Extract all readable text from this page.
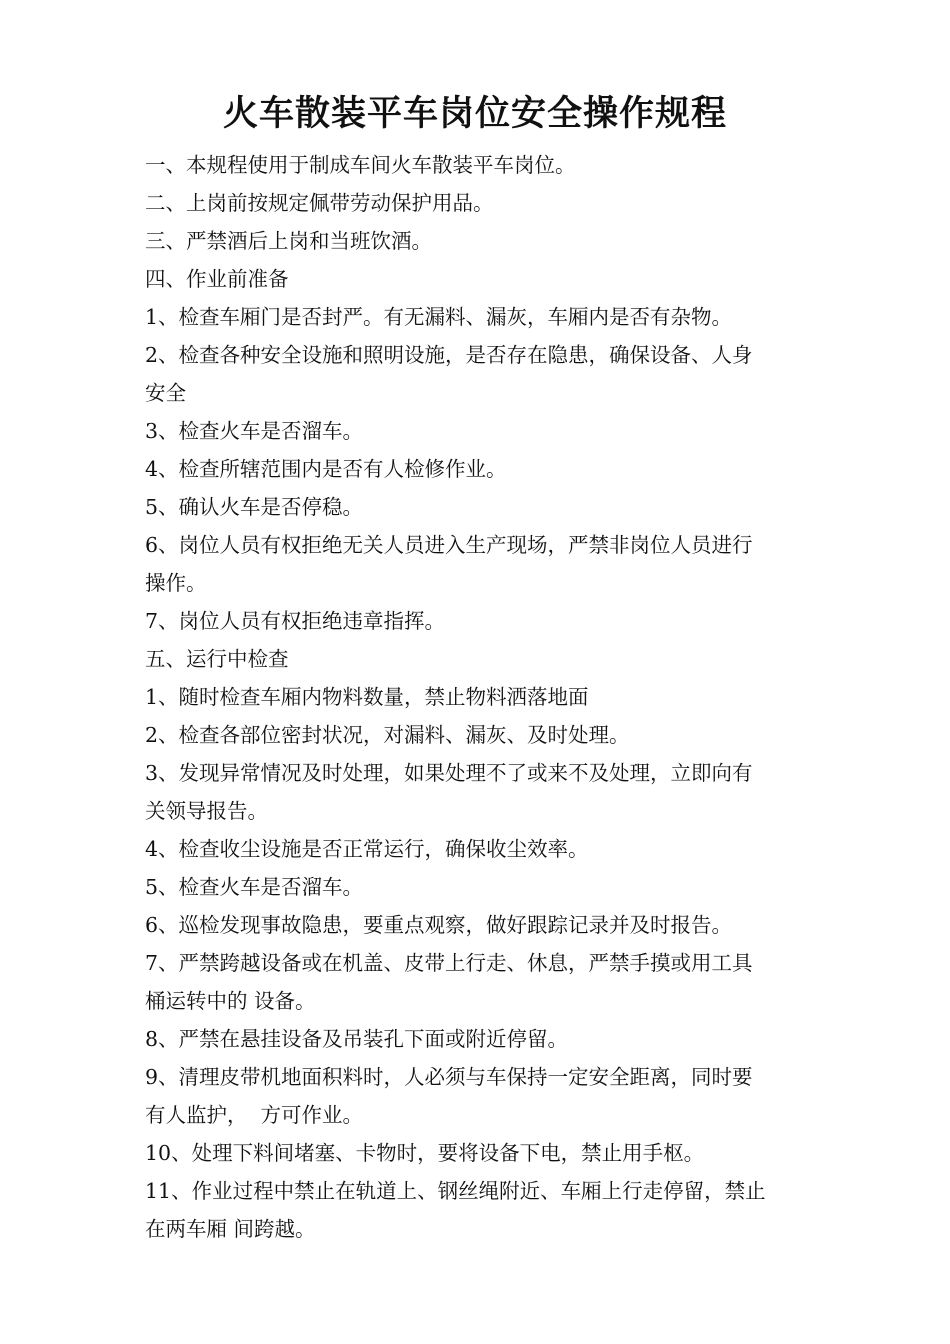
火车散装平车岗位安全操作规程
一、本规程使用于制成车间火车散装平车岗位。
二、上岗前按规定佩带劳动保护用品。
三、严禁酒后上岗和当班饮酒。
四、作业前准备
1、检查车厢门是否封严。有无漏料、漏灰，车厢内是否有杂物。
2、检查各种安全设施和照明设施，是否存在隐患，确保设备、人身
安全
3、检查火车是否溜车。
4、检查所辖范围内是否有人检修作业。
5、确认火车是否停稳。
6、岗位人员有权拒绝无关人员进入生产现场，严禁非岗位人员进行
操作。
7、岗位人员有权拒绝违章指挥。
五、运行中检查
1、随时检查车厢内物料数量，禁止物料洒落地面
2、检查各部位密封状况，对漏料、漏灰、及时处理。
3、发现异常情况及时处理，如果处理不了或来不及处理，立即向有
关领导报告。
4、检查收尘设施是否正常运行，确保收尘效率。
5、检查火车是否溜车。
6、巡检发现事故隐患，要重点观察，做好跟踪记录并及时报告。
7、严禁跨越设备或在机盖、皮带上行走、休息，严禁手摸或用工具
桶运转中的 设备。
8、严禁在悬挂设备及吊装孔下面或附近停留。
9、清理皮带机地面积料时，人必须与车保持一定安全距离，同时要
有人监护，  方可作业。
10、处理下料间堵塞、卡物时，要将设备下电，禁止用手枢。
11、作业过程中禁止在轨道上、钢丝绳附近、车厢上行走停留，禁止
在两车厢 间跨越。
